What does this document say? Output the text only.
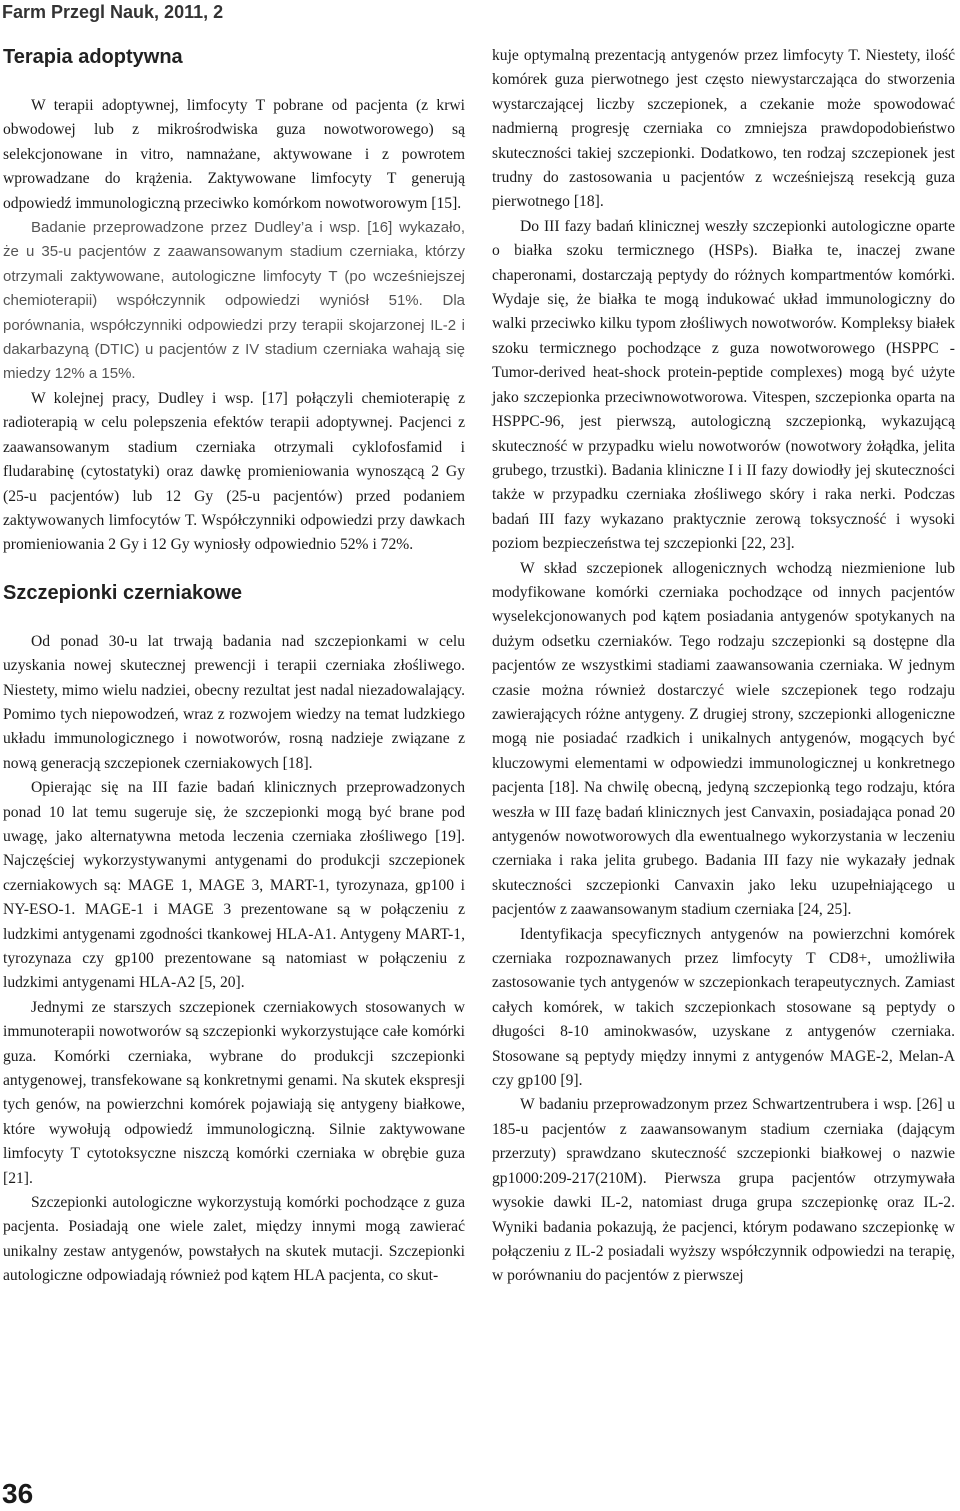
Farm Przegl Nauk, 2011, 2
Terapia adoptywna

W terapii adoptywnej, limfocyty T pobrane od pacjenta (z krwi obwodowej lub z mikrośrodwiska guza nowotworowego) są selekcjonowane in vitro, namnażane, aktywowane i z powrotem wprowadzane do krążenia. Zaktywowane limfocyty T generują odpowiedź immunologiczną przeciwko komórkom nowotworowym [15].

Badanie przeprowadzone przez Dudley’a i wsp. [16] wykazało, że u 35-u pacjentów z zaawansowanym stadium czerniaka, którzy otrzymali zaktywowane, autologiczne limfocyty T (po wcześniejszej chemioterapii) współczynnik odpowiedzi wyniósł 51%. Dla porównania, współczynniki odpowiedzi przy terapii skojarzonej IL-2 i dakarbazyną (DTIC) u pacjentów z IV stadium czerniaka wahają się miedzy 12% a 15%.

W kolejnej pracy, Dudley i wsp. [17] połączyli chemioterapię z radioterapią w celu polepszenia efektów terapii adoptywnej. Pacjenci z zaawansowanym stadium czerniaka otrzymali cyklofosfamid i fludarabinę (cytostatyki) oraz dawkę promieniowania wynoszącą 2 Gy (25-u pacjentów) lub 12 Gy (25-u pacjentów) przed podaniem zaktywowanych limfocytów T. Współczynniki odpowiedzi przy dawkach promieniowania 2 Gy i 12 Gy wyniosły odpowiednio 52% i 72%.

Szczepionki czerniakowe

Od ponad 30-u lat trwają badania nad szczepionkami w celu uzyskania nowej skutecznej prewencji i terapii czerniaka złośliwego. Niestety, mimo wielu nadziei, obecny rezultat jest nadal niezadowalający. Pomimo tych niepowodzeń, wraz z rozwojem wiedzy na temat ludzkiego układu immunologicznego i nowotworów, rosną nadzieje związane z nową generacją szczepionek czerniakowych [18].

Opierając się na III fazie badań klinicznych przeprowadzonych ponad 10 lat temu sugeruje się, że szczepionki mogą być brane pod uwagę, jako alternatywna metoda leczenia czerniaka złośliwego [19]. Najczęściej wykorzystywanymi antygenami do produkcji szczepionek czerniakowych są: MAGE 1, MAGE 3, MART-1, tyrozynaza, gp100 i NY-ESO-1. MAGE-1 i MAGE 3 prezentowane są w połączeniu z ludzkimi antygenami zgodności tkankowej HLA-A1. Antygeny MART-1, tyrozynaza czy gp100 prezentowane są natomiast w połączeniu z ludzkimi antygenami HLA-A2 [5, 20].

Jednymi ze starszych szczepionek czerniakowych stosowanych w immunoterapii nowotworów są szczepionki wykorzystujące całe komórki guza. Komórki czerniaka, wybrane do produkcji szczepionki antygenowej, transfekowane są konkretnymi genami. Na skutek ekspresji tych genów, na powierzchni komórek pojawiają się antygeny białkowe, które wywołują odpowiedź immunologiczną. Silnie zaktywowane limfocyty T cytotoksyczne niszczą komórki czerniaka w obrębie guza [21].

Szczepionki autologiczne wykorzystują komórki pochodzące z guza pacjenta. Posiadają one wiele zalet, między innymi mogą zawierać unikalny zestaw antygenów, powstałych na skutek mutacji. Szczepionki autologiczne odpowiadają również pod kątem HLA pacjenta, co skut-

kuje optymalną prezentacją antygenów przez limfocyty T. Niestety, ilość komórek guza pierwotnego jest często niewystarczająca do stworzenia wystarczającej liczby szczepionek, a czekanie może spowodować nadmierną progresję czerniaka co zmniejsza prawdopodobieństwo skuteczności takiej szczepionki. Dodatkowo, ten rodzaj szczepionek jest trudny do zastosowania u pacjentów z wcześniejszą resekcją guza pierwotnego [18].

Do III fazy badań klinicznej weszły szczepionki autologiczne oparte o białka szoku termicznego (HSPs). Białka te, inaczej zwane chaperonami, dostarczają peptydy do różnych kompartmentów komórki. Wydaje się, że białka te mogą indukować układ immunologiczny do walki przeciwko kilku typom złośliwych nowotworów. Kompleksy białek szoku termicznego pochodzące z guza nowotworowego (HSPPC - Tumor-derived heat-shock protein-peptide complexes) mogą być użyte jako szczepionka przeciwnowotworowa. Vitespen, szczepionka oparta na HSPPC-96, jest pierwszą, autologiczną szczepionką, wykazującą skuteczność w przypadku wielu nowotworów (nowotwory żołądka, jelita grubego, trzustki). Badania kliniczne I i II fazy dowiodły jej skuteczności także w przypadku czerniaka złośliwego skóry i raka nerki. Podczas badań III fazy wykazano praktycznie zerową toksyczność i wysoki poziom bezpieczeństwa tej szczepionki [22, 23].

W skład szczepionek allogenicznych wchodzą niezmienione lub modyfikowane komórki czerniaka pochodzące od innych pacjentów wyselekcjonowanych pod kątem posiadania antygenów spotykanych na dużym odsetku czerniaków. Tego rodzaju szczepionki są dostępne dla pacjentów ze wszystkimi stadiami zaawansowania czerniaka. W jednym czasie można również dostarczyć wiele szczepionek tego rodzaju zawierających różne antygeny. Z drugiej strony, szczepionki allogeniczne mogą nie posiadać rzadkich i unikalnych antygenów, mogących być kluczowymi elementami w odpowiedzi immunologicznej u konkretnego pacjenta [18]. Na chwilę obecną, jedyną szczepionką tego rodzaju, która weszła w III fazę badań klinicznych jest Canvaxin, posiadająca ponad 20 antygenów nowotworowych dla ewentualnego wykorzystania w leczeniu czerniaka i raka jelita grubego. Badania III fazy nie wykazały jednak skuteczności szczepionki Canvaxin jako leku uzupełniającego u pacjentów z zaawansowanym stadium czerniaka [24, 25].

Identyfikacja specyficznych antygenów na powierzchni komórek czerniaka rozpoznawanych przez limfocyty T CD8+, umożliwiła zastosowanie tych antygenów w szczepionkach terapeutycznych. Zamiast całych komórek, w takich szczepionkach stosowane są peptydy o długości 8-10 aminokwasów, uzyskane z antygenów czerniaka. Stosowane są peptydy między innymi z antygenów MAGE-2, Melan-A czy gp100 [9].

W badaniu przeprowadzonym przez Schwartzentrubera i wsp. [26] u 185-u pacjentów z zaawansowanym stadium czerniaka (dającym przerzuty) sprawdzano skuteczność szczepionki białkowej o nazwie gp1000:209-217(210M). Pierwsza grupa pacjentów otrzymywała wysokie dawki IL-2, natomiast druga grupa szczepionkę oraz IL-2. Wyniki badania pokazują, że pacjenci, którym podawano szczepionkę w połączeniu z IL-2 posiadali wyższy współczynnik odpowiedzi na terapię, w porównaniu do pacjentów z pierwszej

36
